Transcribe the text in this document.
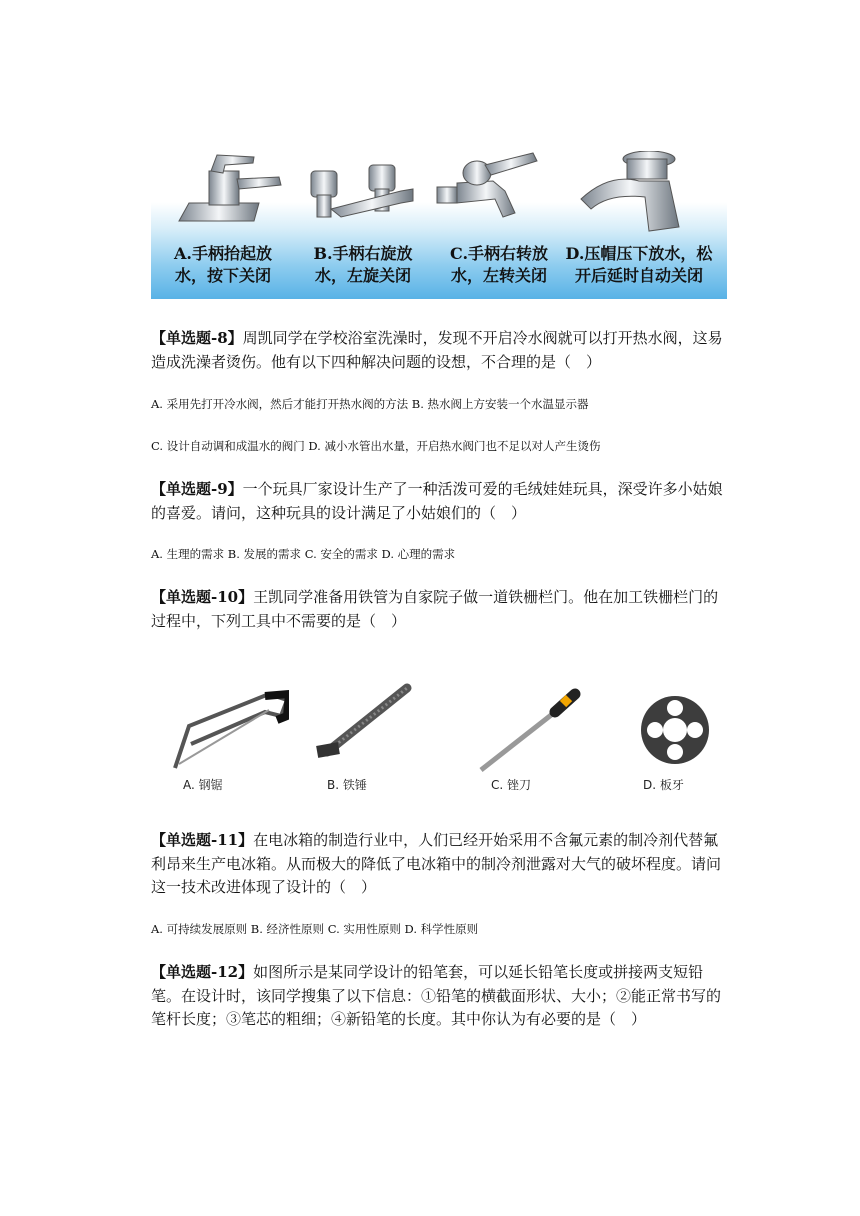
A.手柄抬起放
水，按下关闭
B.手柄右旋放
水，左旋关闭
C.手柄右转放
水，左转关闭
D.压帽压下放水，松
开后延时自动关闭
【单选题-8】周凯同学在学校浴室洗澡时，发现不开启冷水阀就可以打开热水阀，这易造成洗澡者烫伤。他有以下四种解决问题的设想，不合理的是（　）
A. 采用先打开冷水阀，然后才能打开热水阀的方法 B. 热水阀上方安装一个水温显示器
C. 设计自动调和成温水的阀门 D. 减小水管出水量，开启热水阀门也不足以对人产生烫伤
【单选题-9】一个玩具厂家设计生产了一种活泼可爱的毛绒娃娃玩具，深受许多小姑娘的喜爱。请问，这种玩具的设计满足了小姑娘们的（　）
A. 生理的需求 B. 发展的需求 C. 安全的需求 D. 心理的需求
【单选题-10】王凯同学准备用铁管为自家院子做一道铁栅栏门。他在加工铁栅栏门的过程中，下列工具中不需要的是（　）
A. 钢锯	B. 铁锤	C. 锉刀	D. 板牙
【单选题-11】在电冰箱的制造行业中，人们已经开始采用不含氟元素的制冷剂代替氟利昂来生产电冰箱。从而极大的降低了电冰箱中的制冷剂泄露对大气的破坏程度。请问这一技术改进体现了设计的（　）
A. 可持续发展原则 B. 经济性原则 C. 实用性原则 D. 科学性原则
【单选题-12】如图所示是某同学设计的铅笔套，可以延长铅笔长度或拼接两支短铅笔。在设计时，该同学搜集了以下信息：①铅笔的横截面形状、大小；②能正常书写的笔杆长度；③笔芯的粗细；④新铅笔的长度。其中你认为有必要的是（　）
